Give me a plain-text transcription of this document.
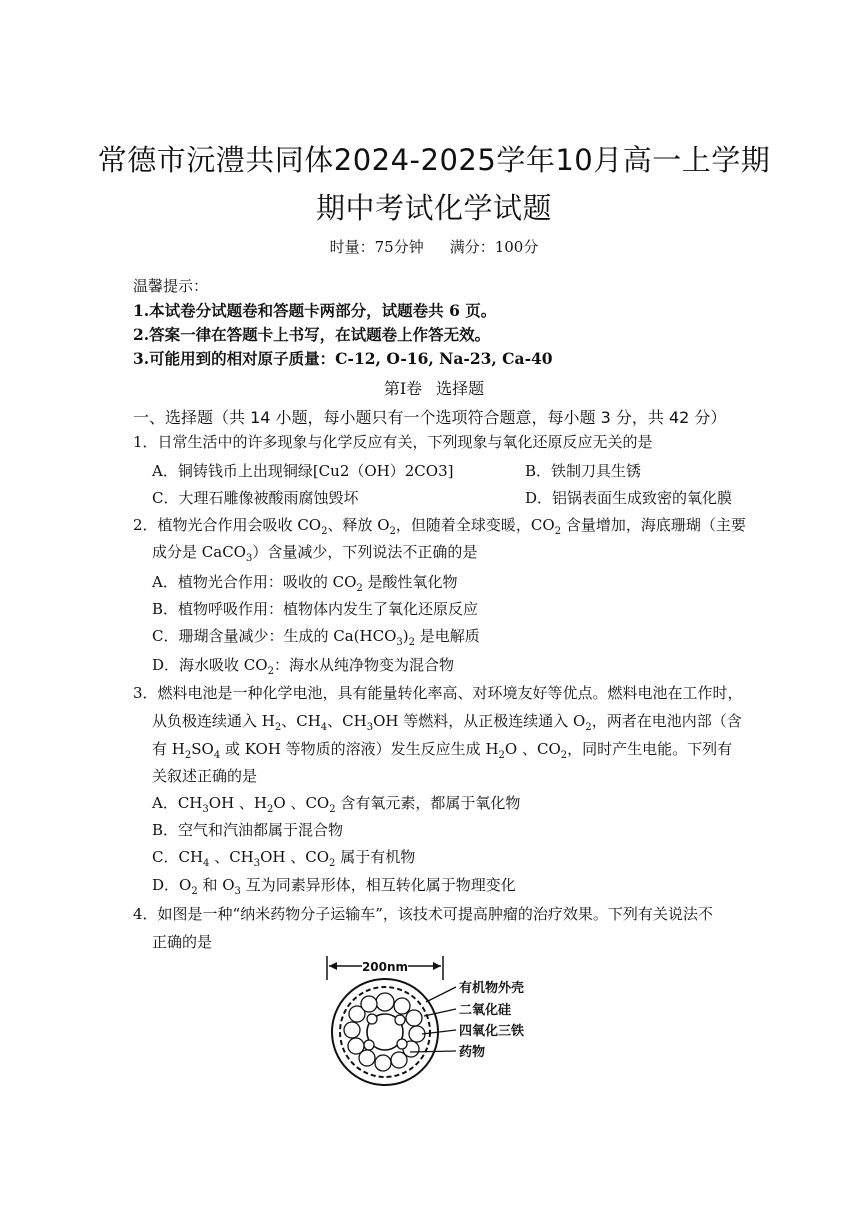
常德市沅澧共同体2024-2025学年10月高一上学期
期中考试化学试题
时量：75分钟 满分：100分
温馨提示：
1.本试卷分试题卷和答题卡两部分，试题卷共 6 页。
2.答案一律在答题卡上书写，在试题卷上作答无效。
3.可能用到的相对原子质量：C-12, O-16, Na-23, Ca-40
第Ⅰ卷 选择题
一、选择题（共 14 小题，每小题只有一个选项符合题意，每小题 3 分，共 42 分）
1．日常生活中的许多现象与化学反应有关，下列现象与氧化还原反应无关的是
A．铜铸钱币上出现铜绿[Cu2（OH）2CO3]	B．铁制刀具生锈
C．大理石雕像被酸雨腐蚀毁坏	D．铝锅表面生成致密的氧化膜
2．植物光合作用会吸收 $CO_2$、释放 $O_2$，但随着全球变暖，$CO_2$ 含量增加，海底珊瑚（主要
成分是 CaCO$_3$）含量减少，下列说法不正确的是
A．植物光合作用：吸收的 $CO_2$ 是酸性氧化物
B．植物呼吸作用：植物体内发生了氧化还原反应
C．珊瑚含量减少：生成的 $Ca(HCO_3)_2$ 是电解质
D．海水吸收 $CO_2$：海水从纯净物变为混合物
3．燃料电池是一种化学电池，具有能量转化率高、对环境友好等优点。燃料电池在工作时，
从负极连续通入 $H_2$、$CH_4$、$CH_3OH$ 等燃料，从正极连续通入 $O_2$，两者在电池内部（含
有 $H_2SO_4$ 或 KOH 等物质的溶液）发生反应生成 $H_2O$ 、$CO_2$，同时产生电能。下列有
关叙述正确的是
A．$CH_3OH$ 、$H_2O$ 、$CO_2$ 含有氧元素，都属于氧化物
B．空气和汽油都属于混合物
C．$CH_4$ 、$CH_3OH$ 、$CO_2$ 属于有机物
D．$O_2$ 和 $O_3$ 互为同素异形体，相互转化属于物理变化
4．如图是一种“纳米药物分子运输车”，该技术可提高肿瘤的治疗效果。下列有关说法不
正确的是
200nm
有机物外壳
二氧化硅
四氧化三铁
药物
